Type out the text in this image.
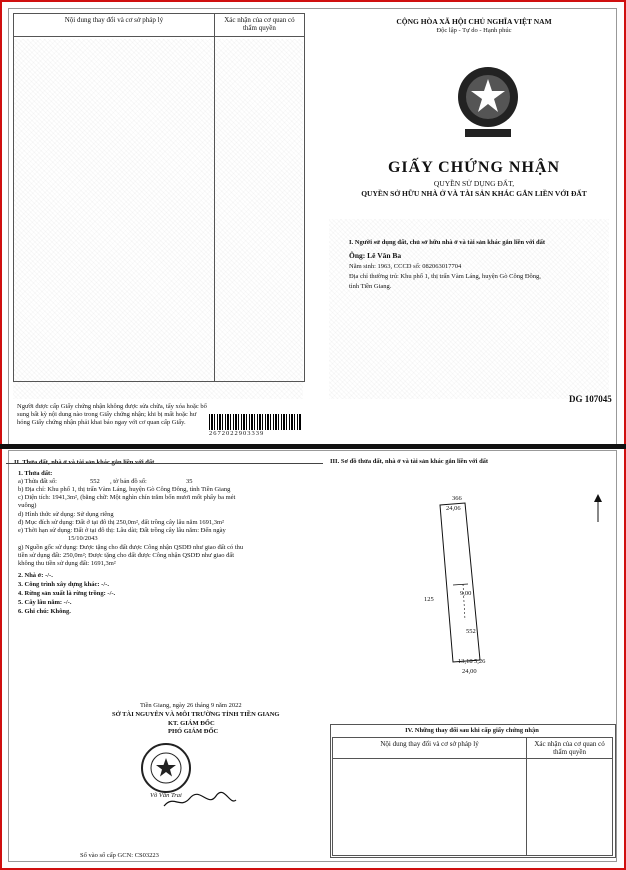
Nội dung thay đổi và cơ sở pháp lý	Xác nhận của cơ quan có thẩm quyền

Người được cấp Giấy chứng nhận không được sửa chữa, tẩy xóa hoặc bổ sung bất kỳ nội dung nào trong Giấy chứng nhận; khi bị mất hoặc hư hỏng Giấy chứng nhận phải khai báo ngay với cơ quan cấp Giấy.
2672022903339
CỘNG HÒA XÃ HỘI CHỦ NGHĨA VIỆT NAM
Độc lập - Tự do - Hạnh phúc
GIẤY CHỨNG NHẬN
QUYỀN SỬ DỤNG ĐẤT,
QUYỀN SỞ HỮU NHÀ Ở VÀ TÀI SẢN KHÁC GẮN LIỀN VỚI ĐẤT
I. Người sử dụng đất, chủ sở hữu nhà ở và tài sản khác gắn liền với đất
Ông: Lê Văn Ba
Năm sinh: 1963, CCCD số: 082063017704
Địa chỉ thường trú: Khu phố 1, thị trấn Vàm Láng, huyện Gò Công Đông,
tỉnh Tiền Giang.
DG 107045
II. Thửa đất, nhà ở và tài sản khác gắn liền với đất
1. Thửa đất:
a) Thửa đất số:	552 , tờ bản đồ số:	35
b) Địa chỉ: Khu phố 1, thị trấn Vàm Láng, huyện Gò Công Đông, tỉnh Tiền Giang
c) Diện tích: 1941,3m², (bằng chữ: Một nghìn chín trăm bốn mươi mốt phẩy ba mét
vuông)
d) Hình thức sử dụng: Sử dụng riêng
đ) Mục đích sử dụng: Đất ở tại đô thị 250,0m², đất trồng cây lâu năm 1691,3m²
e) Thời hạn sử dụng: Đất ở tại đô thị: Lâu dài; Đất trồng cây lâu năm: Đến ngày
15/10/2043
g) Nguồn gốc sử dụng: Được tặng cho đất được Công nhận QSDĐ như giao đất có thu
tiền sử dụng đất: 250,0m²; Được tặng cho đất được Công nhận QSDĐ như giao đất
không thu tiền sử dụng đất: 1691,3m²
2. Nhà ở: -/-.
3. Công trình xây dựng khác: -/-.
4. Rừng sản xuất là rừng trồng: -/-.
5. Cây lâu năm: -/-.
6. Ghi chú: Không.
Tiền Giang, ngày 26 tháng 9 năm 2022
SỞ TÀI NGUYÊN VÀ MÔI TRƯỜNG TỈNH TIỀN GIANG
KT. GIÁM ĐỐC
PHÓ GIÁM ĐỐC
Võ Văn Trai
Số vào sổ cấp GCN: CS03223
III. Sơ đồ thửa đất, nhà ở và tài sản khác gắn liền với đất
366
24,06
125
9,00
552
13,18 5,26
24,00
IV. Những thay đổi sau khi cấp giấy chứng nhận
Nội dung thay đổi và cơ sở pháp lý	Xác nhận của cơ quan có thẩm quyền
